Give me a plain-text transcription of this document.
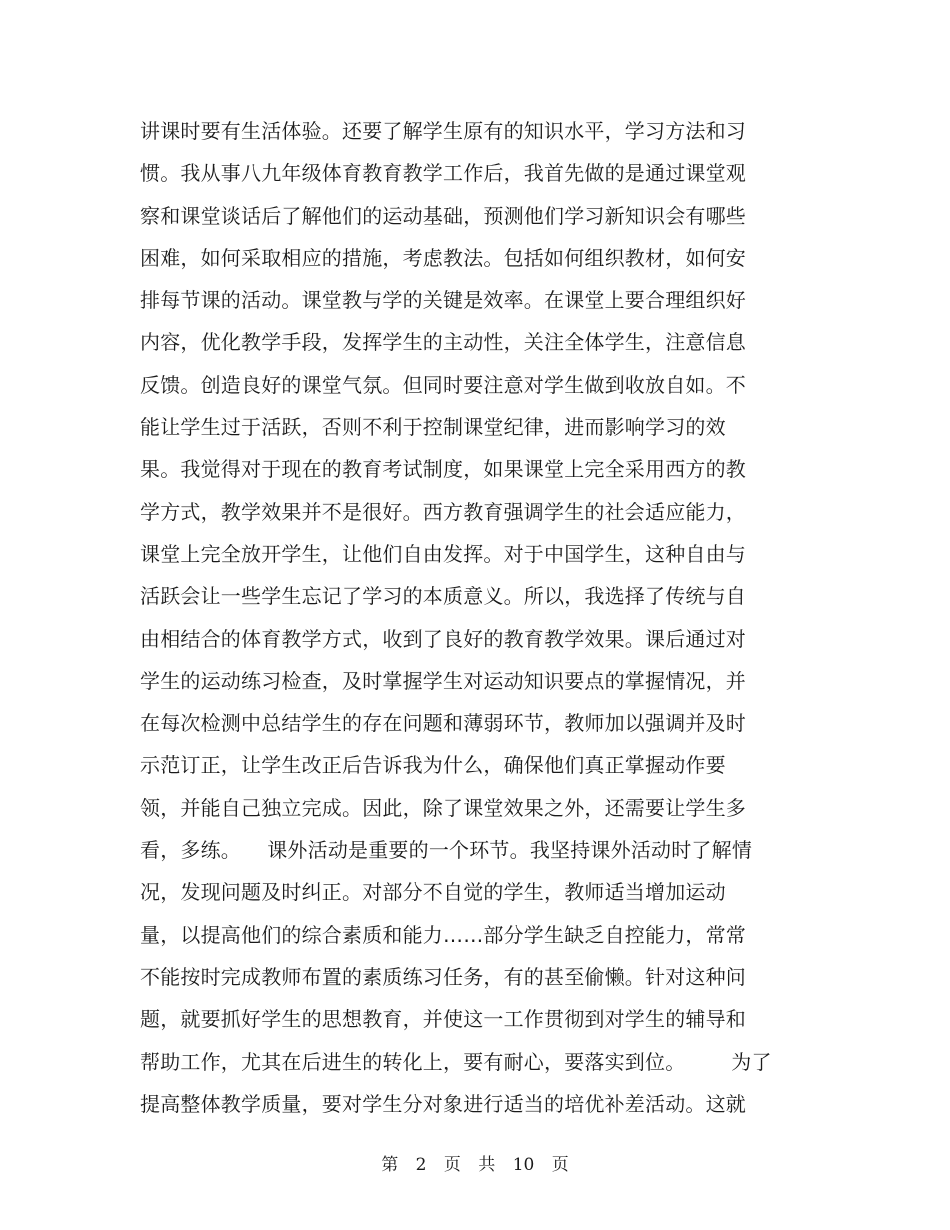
讲课时要有生活体验。还要了解学生原有的知识水平，学习方法和习
惯。我从事八九年级体育教育教学工作后，我首先做的是通过课堂观
察和课堂谈话后了解他们的运动基础，预测他们学习新知识会有哪些
困难，如何采取相应的措施，考虑教法。包括如何组织教材，如何安
排每节课的活动。课堂教与学的关键是效率。在课堂上要合理组织好
内容，优化教学手段，发挥学生的主动性，关注全体学生，注意信息
反馈。创造良好的课堂气氛。但同时要注意对学生做到收放自如。不
能让学生过于活跃，否则不利于控制课堂纪律，进而影响学习的效
果。我觉得对于现在的教育考试制度，如果课堂上完全采用西方的教
学方式，教学效果并不是很好。西方教育强调学生的社会适应能力，
课堂上完全放开学生，让他们自由发挥。对于中国学生，这种自由与
活跃会让一些学生忘记了学习的本质意义。所以，我选择了传统与自
由相结合的体育教学方式，收到了良好的教育教学效果。课后通过对
学生的运动练习检查，及时掌握学生对运动知识要点的掌握情况，并
在每次检测中总结学生的存在问题和薄弱环节，教师加以强调并及时
示范订正，让学生改正后告诉我为什么，确保他们真正掌握动作要
领，并能自己独立完成。因此，除了课堂效果之外，还需要让学生多
看，多练。    课外活动是重要的一个环节。我坚持课外活动时了解情
况，发现问题及时纠正。对部分不自觉的学生，教师适当增加运动
量，以提高他们的综合素质和能力……部分学生缺乏自控能力，常常
不能按时完成教师布置的素质练习任务，有的甚至偷懒。针对这种问
题，就要抓好学生的思想教育，并使这一工作贯彻到对学生的辅导和
帮助工作，尤其在后进生的转化上，要有耐心，要落实到位。       为了
提高整体教学质量，要对学生分对象进行适当的培优补差活动。这就
第 2 页 共 10 页
